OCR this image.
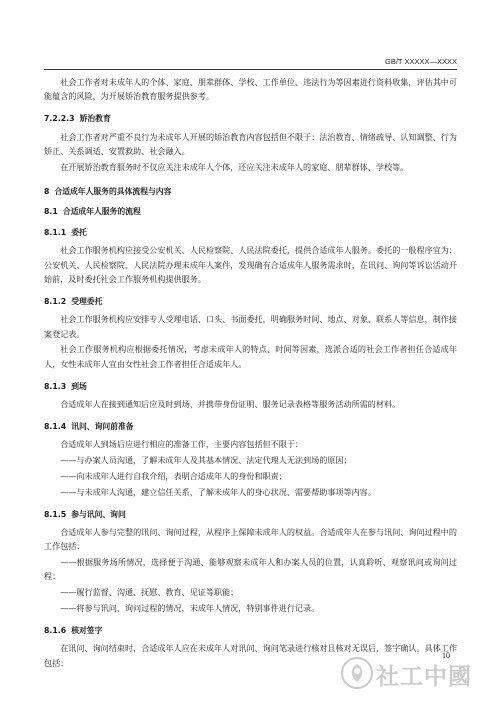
GB/T XXXXX—XXXX
社会工作者对未成年人的个体、家庭、朋辈群体、学校、工作单位、违法行为等因素进行资料收集，评估其中可能蕴含的风险，为开展矫治教育服务提供参考。
7.2.2.3 矫治教育
社会工作者对严重不良行为未成年人开展的矫治教育内容包括但不限于：法治教育、情绪疏导、认知调整、行为矫正、关系调适、安置救助、社会融入。
在开展矫治教育服务时不仅应关注未成年人个体，还应关注未成年人的家庭、朋辈群体、学校等。
8 合适成年人服务的具体流程与内容
8.1 合适成年人服务的流程
8.1.1 委托
社会工作服务机构应接受公安机关、人民检察院、人民法院委托，提供合适成年人服务。委托的一般程序宜为：公安机关、人民检察院、人民法院办理未成年人案件，发现确有合适成年人服务需求时，在讯问、询问等诉讼活动开始前，及时委托社会工作服务机构提供服务。
8.1.2 受理委托
社会工作服务机构应安排专人受理电话、口头、书面委托，明确服务时间、地点、对象、联系人等信息，制作接案登记表。
社会工作服务机构应根据委托情况，考虑未成年人的特点、时间等因素，选派合适的社会工作者担任合适成年人，女性未成年人宜由女性社会工作者担任合适成年人。
8.1.3 到场
合适成年人在接到通知后应及时到场，并携带身份证明、服务记录表格等服务活动所需的材料。
8.1.4 讯问、询问前准备
合适成年人到场后应进行相应的准备工作，主要内容包括但不限于：
——与办案人员沟通，了解未成年人及其基本情况、法定代理人无法到场的原因；
——向未成年人进行自我介绍，表明合适成年人的身份和职责；
——与未成年人沟通，建立信任关系，了解未成年人的身心状况、需要帮助事项等内容。
8.1.5 参与讯问、询问
合适成年人参与完整的讯问、询问过程，从程序上保障未成年人的权益。合适成年人在参与讯问、询问过程中的工作包括：
——根据服务场所情况，选择便于沟通、能够观察未成年人和办案人员的位置，认真聆听、观察讯问或询问过程；
——履行监督、沟通、抚慰、教育、见证等职能；
——将参与讯问、询问过程的情况，未成年人情况，特别事件进行记录。
8.1.6 核对签字
在讯问、询问结束时，合适成年人应在未成年人对讯问、询问笔录进行核对且核对无误后，签字确认。具体工作包括：
10
社工中國
